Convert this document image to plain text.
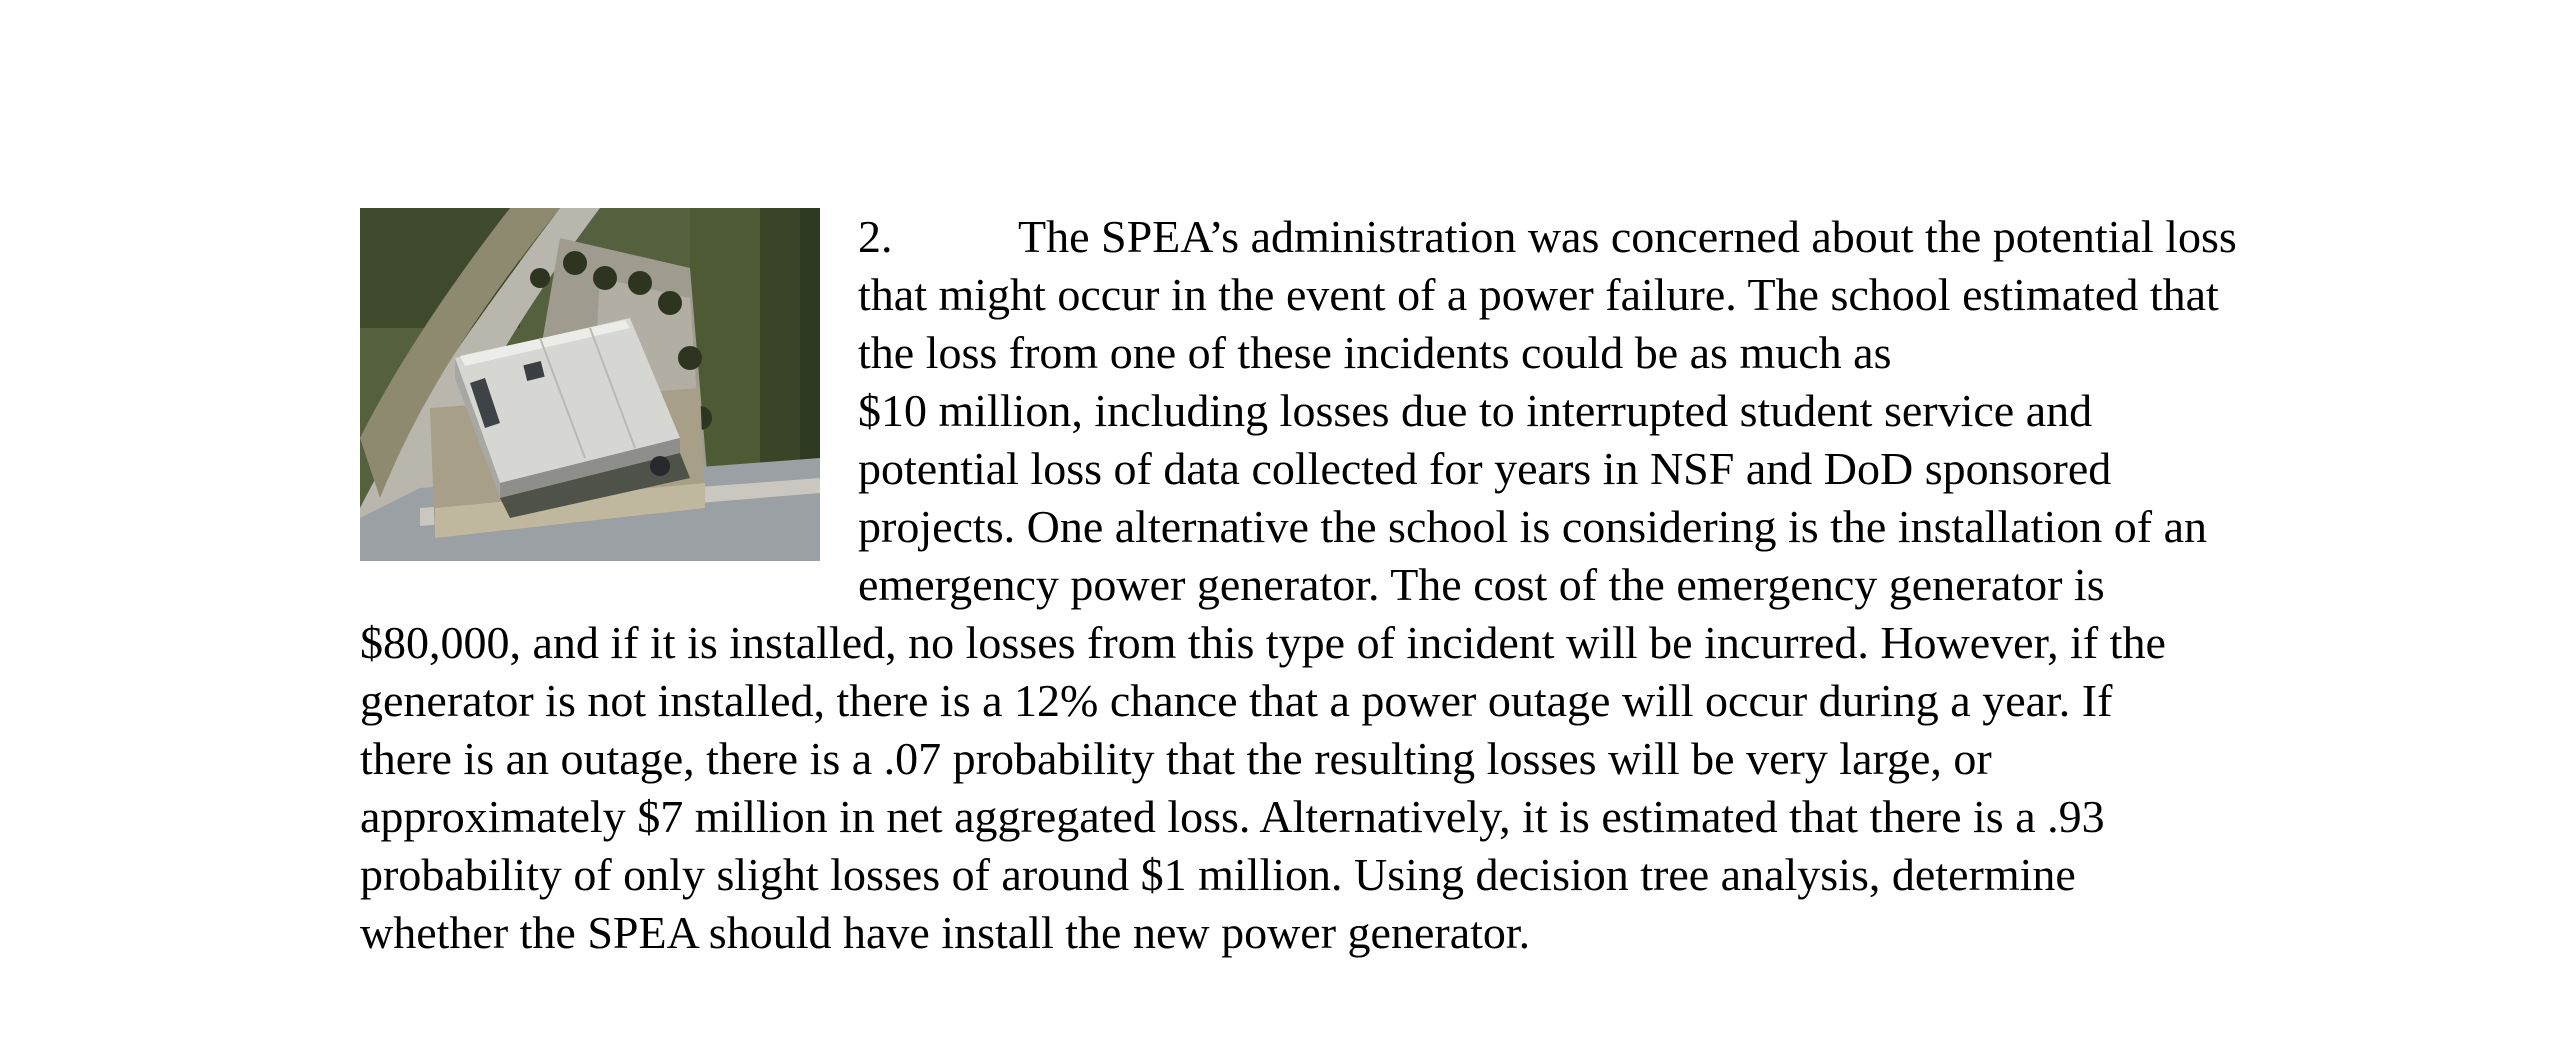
2.	The SPEA’s administration was concerned about the potential loss
that might occur in the event of a power failure. The school estimated that
the loss from one of these incidents could be as much as
$10 million, including losses due to interrupted student service and
potential loss of data collected for years in NSF and DoD sponsored
projects. One alternative the school is considering is the installation of an
emergency power generator. The cost of the emergency generator is
$80,000, and if it is installed, no losses from this type of incident will be incurred. However, if the
generator is not installed, there is a 12% chance that a power outage will occur during a year. If
there is an outage, there is a .07 probability that the resulting losses will be very large, or
approximately $7 million in net aggregated loss. Alternatively, it is estimated that there is a .93
probability of only slight losses of around $1 million. Using decision tree analysis, determine
whether the SPEA should have install the new power generator.
